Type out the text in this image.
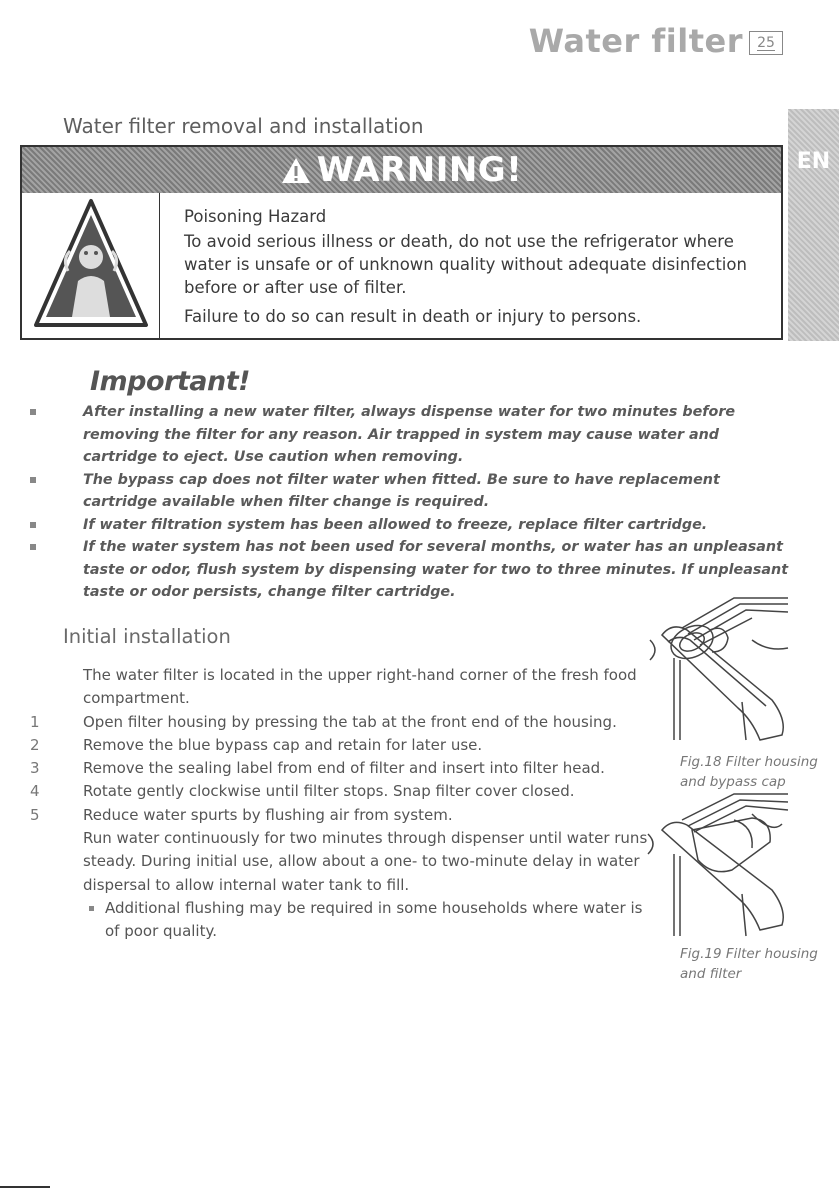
Water filter 25
Water filter removal and installation
EN
WARNING!

Poisoning Hazard

To avoid serious illness or death, do not use the refrigerator where water is unsafe or of unknown quality without adequate disinfection before or after use of filter.

Failure to do so can result in death or injury to persons.

Important!
After installing a new water filter, always dispense water for two minutes before removing the filter for any reason. Air trapped in system may cause water and cartridge to eject. Use caution when removing.
The bypass cap does not filter water when fitted. Be sure to have replacement cartridge available when filter change is required.
If water filtration system has been allowed to freeze, replace filter cartridge.
If the water system has not been used for several months, or water has an unpleasant taste or odor, flush system by dispensing water for two to three minutes. If unpleasant taste or odor persists, change filter cartridge.
Initial installation
The water filter is located in the upper right-hand corner of the fresh food compartment.
1	Open filter housing by pressing the tab at the front end of the housing.
2	Remove the blue bypass cap and retain for later use.
3	Remove the sealing label from end of filter and insert into filter head.
4	Rotate gently clockwise until filter stops. Snap filter cover closed.
5	Reduce water spurts by flushing air from system.
Run water continuously for two minutes through dispenser until water runs steady. During initial use, allow about a one- to two-minute delay in water dispersal to allow internal water tank to fill.
Additional flushing may be required in some households where water is of poor quality.
Fig.18 Filter housing and bypass cap
Fig.19 Filter housing and filter
